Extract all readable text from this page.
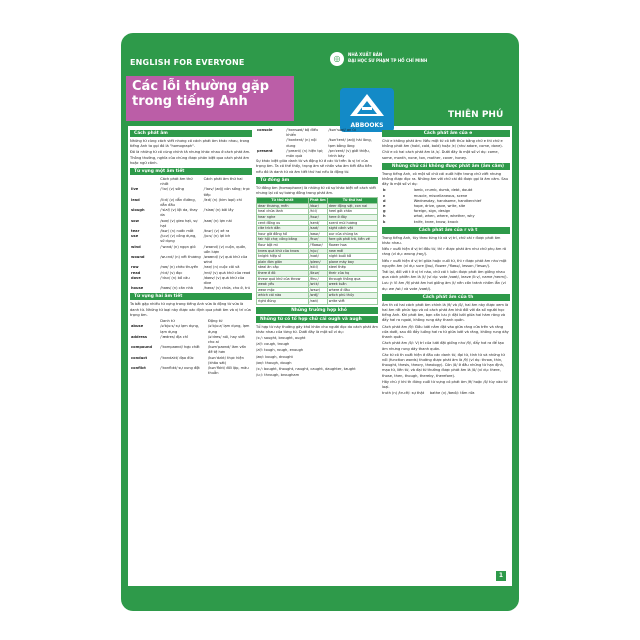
ENGLISH FOR EVERYONE
Các lỗi thường gặp
trong tiếng Anh
◎	NHÀ XUẤT BẢN
ĐẠI HỌC SƯ PHẠM TP HỒ CHÍ MINH
ABBOOKS
THIÊN PHÚ
Cách phát âm

Những từ cùng cách viết nhưng có cách phát âm khác nhau, trong tiếng Anh ta gọi đó là "homograph".

Đó là những từ có cùng chính tả nhưng khác nhau ở cách phát âm. Thông thường, nghĩa của chúng được phân biệt qua cách phát âm hoặc ngữ cảnh.

Từ vựng một âm tiết
	Cách phát âm thứ nhất	Cách phát âm thứ hai
live	/ˈlɪv/ (v) sống	/ˈlaɪv/ (adj) còn sống; trực tiếp
lead	/liːd/ (v) dẫn đường, dẫn đầu	/lɛd/ (n) (kim loại) chì
slough	/ˈslʌf/ (v) lột da, thay da	/ˈslaʊ/ (n) bãi lầy
sow	/soʊ/ (v) gieo hạt, sự hạt	/saʊ/ (n) lợn nái
tear	/tɪər/ (n) nước mắt	/tɛər/ (v) xé ra
use	/juːz/ (v) công dụng, sử dụng	/juːs/ (n) lợi ích
wind	/ˈwɪnd/ (n) ngọn gió	/ˈwaɪnd/ (v) cuộn, quấn, uốn lượn
wound	/wuːnd/ (n) vết thương	/waʊnd/ (v) quá khứ của wind
row	/roʊ/ (n) chèo thuyền	/raʊ/ (n) cuộc cãi vã
read	/riːd/ (v) đọc	/rɛd/ (v) quá khứ của read
dove	/ˈdʌv/ (n) bồ câu	/doʊv/ (v) quá khứ của dive
house	/haʊs/ (n) căn nhà	/haʊz/ (v) chứa, cho ở, trú
Từ vựng hai âm tiết

Ta bắt gặp nhiều từ vựng trong tiếng Anh vừa là động từ vừa là danh từ. Những từ loại này được xác định qua phát âm và vị trí của trọng âm.

	Danh từ	Động từ
abuse	/əˈbjuːs/ sự lạm dụng, lạm dụng	/əˈbjuːz/ lạm dụng, lạm dụng
address	/ˈædres/ địa chỉ	/əˈdres/ nói, hay viết cho ai
compound	/ˈkɒmpaʊnd/ hợp chất	/kəmˈpaʊnd/ làm vấn đề tệ hơn
conduct	/ˈkɒndʌkt/ đạo đức	/kənˈdʌkt/ thực hiện (khảo sát)
conflict	/ˈkɒnflɪkt/ sự xung đột	/kənˈflɪkt/ đối lập, mâu thuẫn
console	/ˈkɒnsəʊl/ bộ điều khiển	/kənˈsəʊl/ an ủi
	/ˈkɒntent/ (n) nội dung	/kənˈtent/ (adj) hài lòng, tạm bằng lòng
present	/ˈpreznt/ (n) hiện tại; món quà	/prɪˈzent/ (v) giới thiệu, trình bày

Sự khác biệt giữa danh từ và động từ ở các từ trên là vị trí của trọng âm. Ta có thể thấy, trọng âm sẽ nhấn vào âm tiết đầu tiên nếu đó là danh từ và âm tiết thứ hai nếu là động từ.

Từ đồng âm

Từ đồng âm (homophone) là những từ có sự khác biệt về cách viết nhưng lại có sự tương đồng trong phát âm.

Từ thứ nhất	Phát âm	Từ thứ hai
dear thương, mến	/dɪər/	deer động vật, con nai
heal chữa lành	/hiːl/	heel gót chân
hear nghe	/hɪər/	here ở đây
cent đồng xu	/sent/	scent mùi hương
cite trích dẫn	/saɪt/	sight cảnh vật
hour giờ đồng hồ	/aʊər/	our của chúng ta
fair hội chợ; công bằng	/fɛər/	fare giá phải trả, tiền vé
flour bột mì	/ˈflaʊər/	flower hoa
knew quá khứ của know	/njuː/	new mới
knight hiệp sĩ	/naɪt/	night buổi tối
plain đơn giản	/pleɪn/	plane máy bay
steal ăn cắp	/stiːl/	steel thép
there ở đó	/ðɛər/	their của họ
threw quá khứ của throw	/θruː/	through thông qua
weak yếu	/wiːk/	week tuần
wear mặc	/wɛər/	where ở đâu
which cái nào	/wɪtʃ/	witch phù thủy
right đúng	/raɪt/	write viết
Những trường hợp khó
Những từ có tổ hợp chữ cái ough và augh

Tổ hợp từ này thường gây khó khăn cho người đọc do cách phát âm khác nhau của từng từ. Dưới đây là một số ví dụ:

/ɔː/: sought, brought, ought

/ʌf/: cough, trough

/ʌf/: tough, rough, enough

/aʊ/: bough, drought

/oʊ/: though, dough

/ɔː/: bought, thought, naught, caught, daughter, taught

/uː/: through, brougham

Cách phát âm của e

Chữ e không phát âm: Nếu một từ có kết thúc bằng chữ e thì chữ e không phát âm (hold, cold, bold) hoặc /ɛ/ (như adore, come, done).

Chữ e có hai cách phát âm là /ɪ/. Dưới đây là một số ví dụ: come, some, month, none, ton, mother, cover, honey.

Những chữ cái không được phát âm (âm câm)

Trong tiếng Anh, có một số chữ cái xuất hiện trong chữ viết nhưng không được đọc ra. Những âm với chữ cái đó được gọi là âm câm. Sau đây là một số ví dụ:

b	lamb, crumb, dumb, debt, doubt
c	muscle, miscellaneous, scene
d	Wednesday, handsome, handkerchief
e	hope, drive, gave, write, site
g	foreign, sign, design
h	what, when, where, whether, why
k	knife, knee, know, knock
Cách phát âm của r và t

Trong tiếng Anh, tùy theo từng từ và vị trí, chữ cái r được phát âm khác nhau.

Nếu r xuất hiện ở vị trí đầu từ, thì r được phát âm như chữ phụ âm rõ ràng (ví dụ: wrong /rɒŋ/).

Nếu r xuất hiện ở vị trí giữa hoặc cuối từ, thì r được phát âm như một nguyên âm (ví dụ: sure /ʃʊə/, flower /ˈflaʊə/, lesson /ˈlesən/).

Trái lại, đối với t ở vị trí nào, chữ cái t luôn được phát âm giống nhau qua cách phiên âm là /t/ (ví dụ: vote /voʊt/, leave /liːv/, name /neɪm/).

Lưu ý: Vì âm /θ/ phát âm hơi giống âm /t/ nên cần tránh nhầm lẫn (ví dụ: we /wiː/ và vote /voʊt/).

Cách phát âm của th

Âm th có hai cách phát âm chính là /θ/ và /ð/, hai âm này được xem là hai âm rất phức tạp và có cách phát âm khó đối với đa số người học tiếng Anh. Khi phát âm, bạn cần lưu ý: đặt lưỡi giữa hai hàm răng và đẩy hơi ra ngoài, không rung dây thanh quản.

Cách phát âm /θ/: Đầu lưỡi nằm đặt vào giữa răng cửa trên và răng cửa dưới, sau đó đẩy luồng hơi ra từ giữa lưỡi và răng, không rung dây thanh quản.

Cách phát âm /ð/: Vị trí của lưỡi đặt giống như /θ/, đẩy hơi ra để tạo âm nhưng rung dây thanh quản.

Các từ có th xuất hiện ở đầu các danh từ, đại từ, tính từ và những từ nối (function words) thường được phát âm là /θ/ (ví dụ: throw, thin, thought, thesis, theory, theology). Còn /ð/ ở đầu những từ hạn định, mạo từ, liên từ, và đại từ thường được phát âm là /ð/ (ví dụ: there, those, then, though, thereby, therefore).

Hãy chú ý khi th đứng cuối từ vựng có phát âm /θ/ hoặc /ð/ tùy vào từ loại.

truth (n) /truːθ/: sự thật bathe (v) /beɪð/: tắm rửa

1
